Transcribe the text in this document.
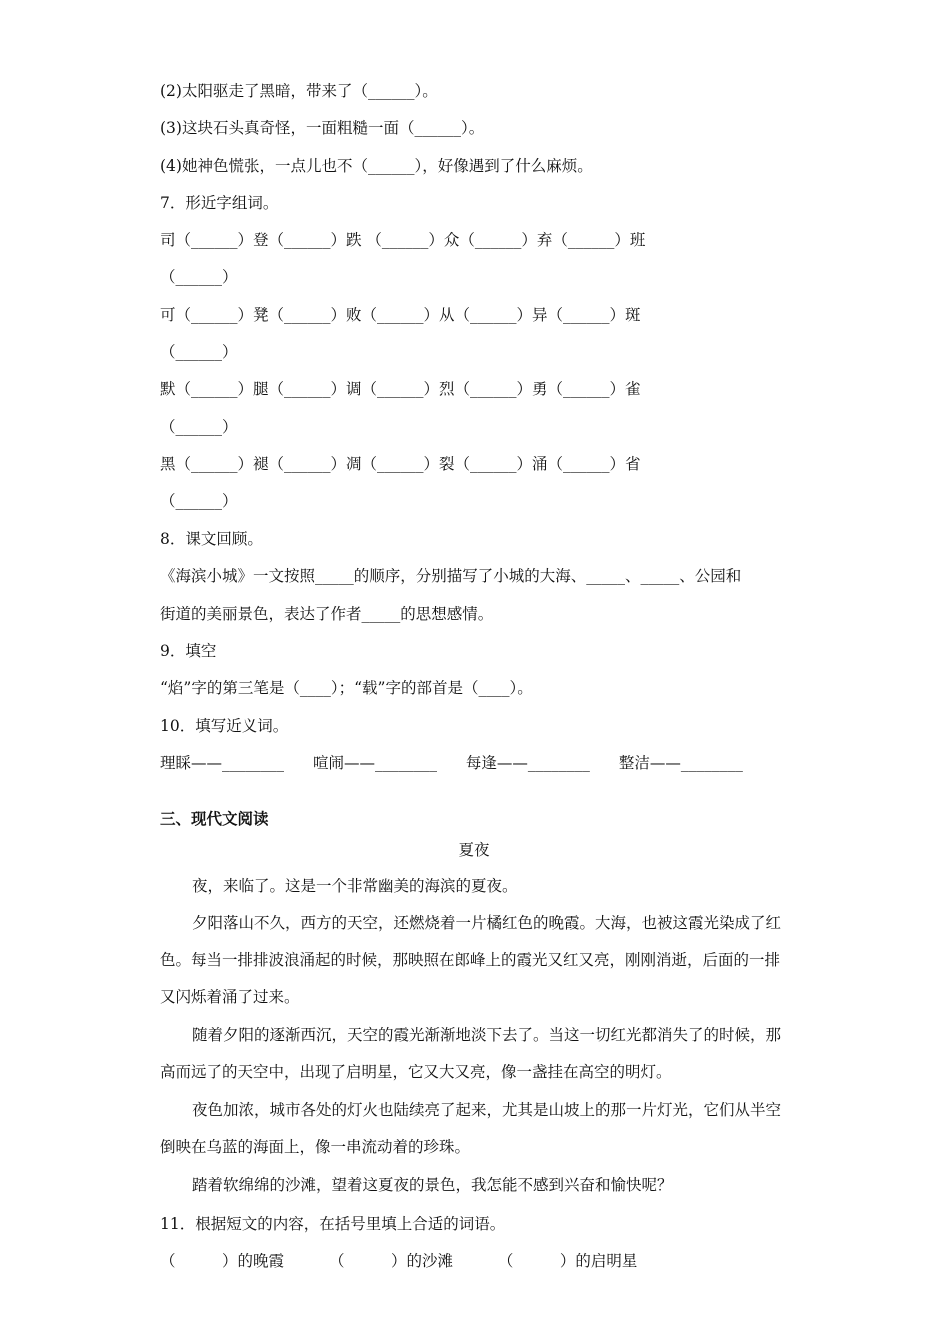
(2)太阳驱走了黑暗，带来了（______）。
(3)这块石头真奇怪，一面粗糙一面（______）。
(4)她神色慌张，一点儿也不（______），好像遇到了什么麻烦。
7．形近字组词。
司（______）登（______）跌 （______）众（______）弃（______）班
（______）
可（______）凳（______）败（______）从（______）异（______）斑
（______）
默（______）腿（______）调（______）烈（______）勇（______）雀
（______）
黑（______）褪（______）凋（______）裂（______）涌（______）省
（______）
8．课文回顾。
《海滨小城》一文按照_____的顺序，分别描写了小城的大海、_____、_____、公园和
街道的美丽景色，表达了作者_____的思想感情。
9．填空
“焰”字的第三笔是（____）；“载”字的部首是（____）。
10．填写近义词。
理睬——________ 喧闹——________ 每逢——________ 整洁——________
三、现代文阅读
夏夜
夜，来临了。这是一个非常幽美的海滨的夏夜。
夕阳落山不久，西方的天空，还燃烧着一片橘红色的晚霞。大海，也被这霞光染成了红色。每当一排排波浪涌起的时候，那映照在郎峰上的霞光又红又亮，刚刚消逝，后面的一排又闪烁着涌了过来。
随着夕阳的逐渐西沉，天空的霞光渐渐地淡下去了。当这一切红光都消失了的时候，那高而远了的天空中，出现了启明星，它又大又亮，像一盏挂在高空的明灯。
夜色加浓，城市各处的灯火也陆续亮了起来，尤其是山坡上的那一片灯光，它们从半空倒映在乌蓝的海面上，像一串流动着的珍珠。
踏着软绵绵的沙滩，望着这夏夜的景色，我怎能不感到兴奋和愉快呢？
11．根据短文的内容，在括号里填上合适的词语。
（　　　）的晚霞	（　　　）的沙滩	（　　　）的启明星
